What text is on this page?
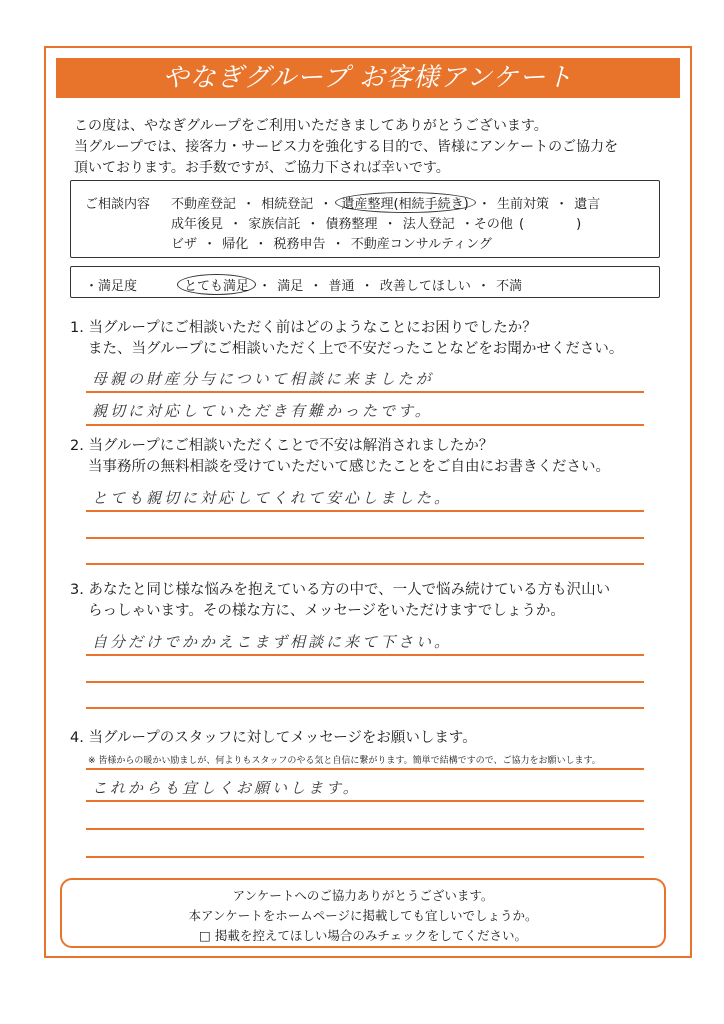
やなぎグループ お客様アンケート
この度は、やなぎグループをご利用いただきましてありがとうございます。
当グループでは、接客力・サービス力を強化する目的で、皆様にアンケートのご協力を
頂いております。お手数ですが、ご協力下されば幸いです。
ご相談内容 不動産登記 ・ 相続登記 ・ 遺産整理(相続手続き) ・ 生前対策 ・ 遺言
成年後見 ・ 家族信託 ・ 債務整理 ・ 法人登記 ・その他 (　　　　)
ビザ ・ 帰化 ・ 税務申告 ・ 不動産コンサルティング
・満足度	とても満足 ・ 満足 ・ 普通 ・ 改善してほしい ・ 不満
1. 当グループにご相談いただく前はどのようなことにお困りでしたか？
また、当グループにご相談いただく上で不安だったことなどをお聞かせください。
母親の財産分与について相談に来ましたが
親切に対応していただき有難かったです。
2. 当グループにご相談いただくことで不安は解消されましたか？
当事務所の無料相談を受けていただいて感じたことをご自由にお書きください。
とても親切に対応してくれて安心しました。
3. あなたと同じ様な悩みを抱えている方の中で、一人で悩み続けている方も沢山い
らっしゃいます。その様な方に、メッセージをいただけますでしょうか。
自分だけでかかえこまず相談に来て下さい。
4. 当グループのスタッフに対してメッセージをお願いします。
※ 皆様からの暖かい励ましが、何よりもスタッフのやる気と自信に繋がります。簡単で結構ですので、ご協力をお願いします。
これからも宜しくお願いします。
アンケートへのご協力ありがとうございます。
本アンケートをホームページに掲載しても宜しいでしょうか。
□ 掲載を控えてほしい場合のみチェックをしてください。
